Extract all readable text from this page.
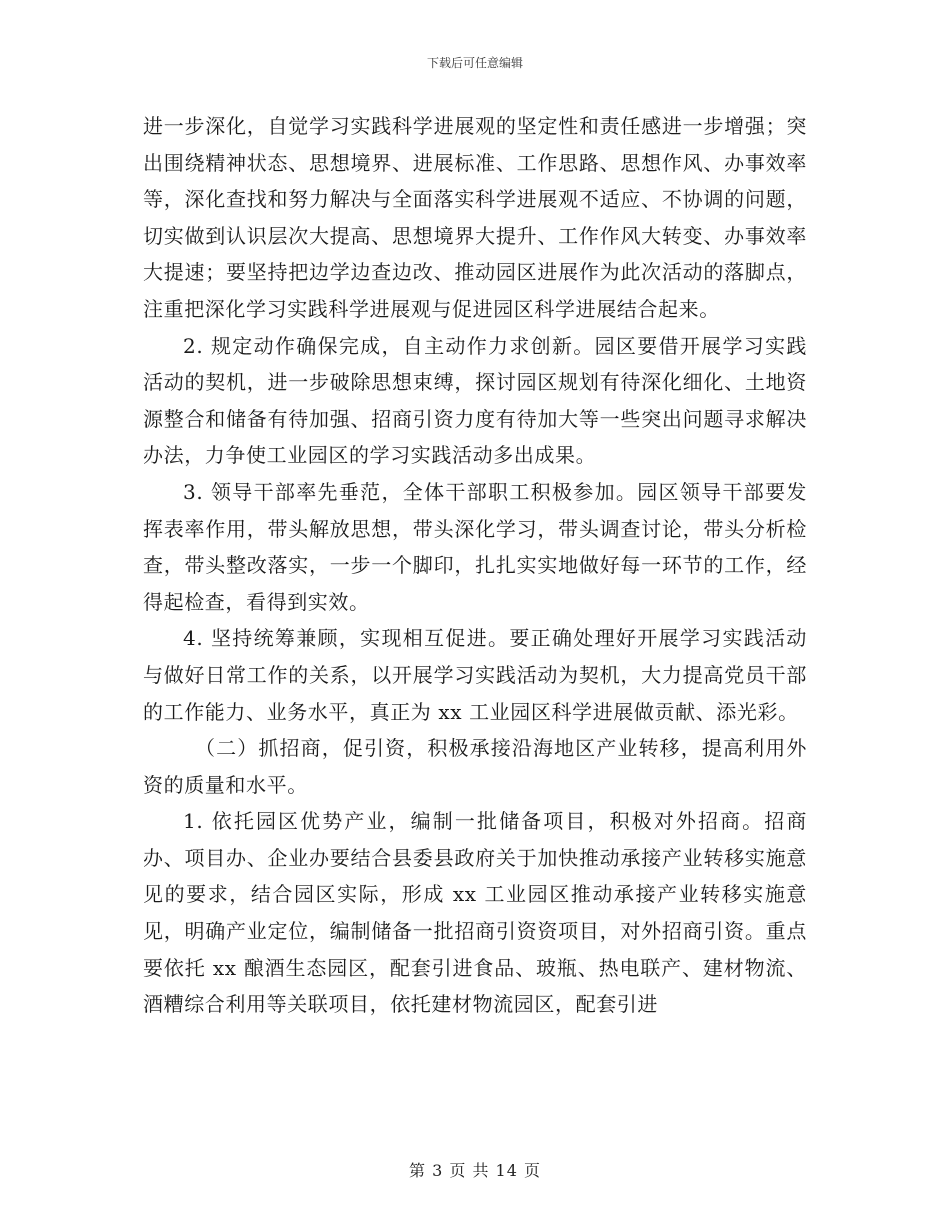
下载后可任意编辑

进一步深化，自觉学习实践科学进展观的坚定性和责任感进一步增强；突出围绕精神状态、思想境界、进展标准、工作思路、思想作风、办事效率等，深化查找和努力解决与全面落实科学进展观不适应、不协调的问题，切实做到认识层次大提高、思想境界大提升、工作作风大转变、办事效率大提速；要坚持把边学边查边改、推动园区进展作为此次活动的落脚点，注重把深化学习实践科学进展观与促进园区科学进展结合起来。

2. 规定动作确保完成，自主动作力求创新。园区要借开展学习实践活动的契机，进一步破除思想束缚，探讨园区规划有待深化细化、土地资源整合和储备有待加强、招商引资力度有待加大等一些突出问题寻求解决办法，力争使工业园区的学习实践活动多出成果。

3. 领导干部率先垂范，全体干部职工积极参加。园区领导干部要发挥表率作用，带头解放思想，带头深化学习，带头调查讨论，带头分析检查，带头整改落实，一步一个脚印，扎扎实实地做好每一环节的工作，经得起检查，看得到实效。

4. 坚持统筹兼顾，实现相互促进。要正确处理好开展学习实践活动与做好日常工作的关系，以开展学习实践活动为契机，大力提高党员干部的工作能力、业务水平，真正为 xx 工业园区科学进展做贡献、添光彩。

（二）抓招商，促引资，积极承接沿海地区产业转移，提高利用外资的质量和水平。

1. 依托园区优势产业，编制一批储备项目，积极对外招商。招商办、项目办、企业办要结合县委县政府关于加快推动承接产业转移实施意见的要求，结合园区实际，形成 xx 工业园区推动承接产业转移实施意见，明确产业定位，编制储备一批招商引资资项目，对外招商引资。重点要依托 xx 酿酒生态园区，配套引进食品、玻瓶、热电联产、建材物流、酒糟综合利用等关联项目，依托建材物流园区，配套引进

第 3 页 共 14 页
